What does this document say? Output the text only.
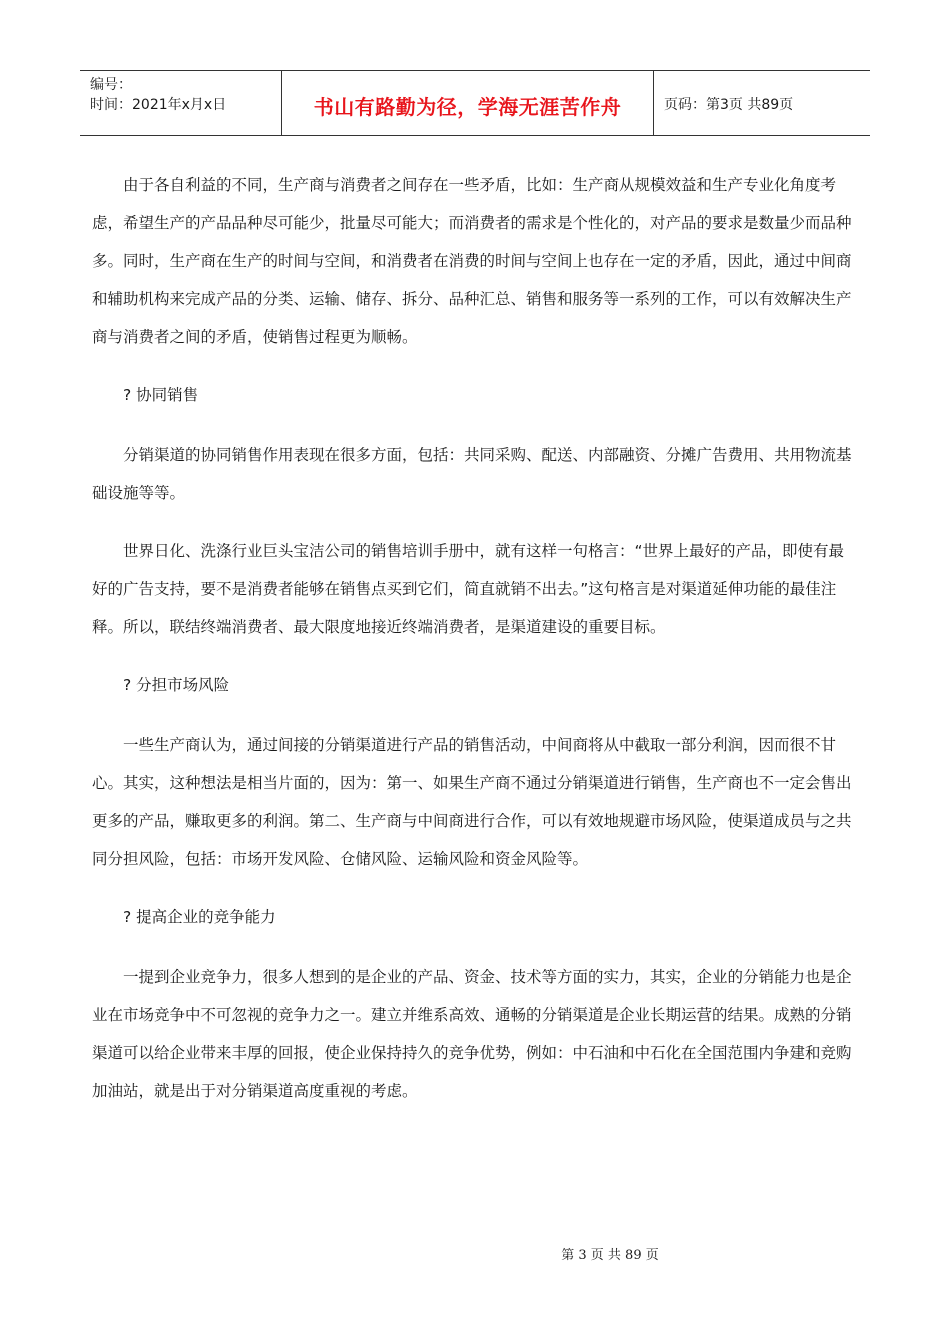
编号：
时间：2021年x月x日	书山有路勤为径，学海无涯苦作舟	页码：第3页 共89页

由于各自利益的不同，生产商与消费者之间存在一些矛盾，比如：生产商从规模效益和生产专业化角度考虑，希望生产的产品品种尽可能少，批量尽可能大；而消费者的需求是个性化的，对产品的要求是数量少而品种多。同时，生产商在生产的时间与空间，和消费者在消费的时间与空间上也存在一定的矛盾，因此，通过中间商和辅助机构来完成产品的分类、运输、储存、拆分、品种汇总、销售和服务等一系列的工作，可以有效解决生产商与消费者之间的矛盾，使销售过程更为顺畅。

? 协同销售

分销渠道的协同销售作用表现在很多方面，包括：共同采购、配送、内部融资、分摊广告费用、共用物流基础设施等等。

世界日化、洗涤行业巨头宝洁公司的销售培训手册中，就有这样一句格言：“世界上最好的产品，即使有最好的广告支持，要不是消费者能够在销售点买到它们，简直就销不出去。”这句格言是对渠道延伸功能的最佳注释。所以，联结终端消费者、最大限度地接近终端消费者，是渠道建设的重要目标。

? 分担市场风险

一些生产商认为，通过间接的分销渠道进行产品的销售活动，中间商将从中截取一部分利润，因而很不甘心。其实，这种想法是相当片面的，因为：第一、如果生产商不通过分销渠道进行销售，生产商也不一定会售出更多的产品，赚取更多的利润。第二、生产商与中间商进行合作，可以有效地规避市场风险，使渠道成员与之共同分担风险，包括：市场开发风险、仓储风险、运输风险和资金风险等。

? 提高企业的竞争能力

一提到企业竞争力，很多人想到的是企业的产品、资金、技术等方面的实力，其实，企业的分销能力也是企业在市场竞争中不可忽视的竞争力之一。建立并维系高效、通畅的分销渠道是企业长期运营的结果。成熟的分销渠道可以给企业带来丰厚的回报，使企业保持持久的竞争优势，例如：中石油和中石化在全国范围内争建和竞购加油站，就是出于对分销渠道高度重视的考虑。

第 3 页 共 89 页
